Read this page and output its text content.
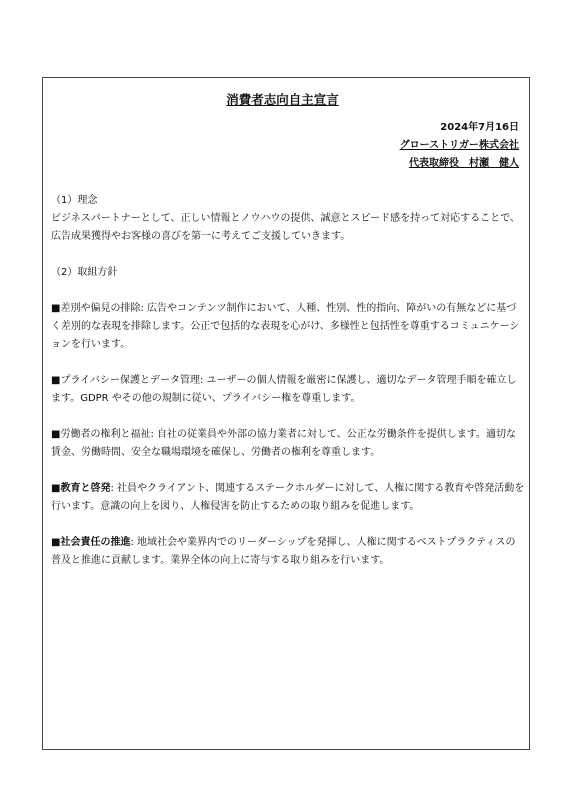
消費者志向自主宣言
2024年7月16日
グローストリガー株式会社
代表取締役　村瀬　健人

（1）理念

ビジネスパートナーとして、正しい情報とノウハウの提供、誠意とスピード感を持って対応することで、広告成果獲得やお客様の喜びを第一に考えてご支援していきます。

（2）取組方針

■差別や偏見の排除: 広告やコンテンツ制作において、人種、性別、性的指向、障がいの有無などに基づく差別的な表現を排除します。公正で包括的な表現を心がけ、多様性と包括性を尊重するコミュニケーションを行います。

■プライバシー保護とデータ管理: ユーザーの個人情報を厳密に保護し、適切なデータ管理手順を確立します。GDPR やその他の規制に従い、プライバシー権を尊重します。

■労働者の権利と福祉: 自社の従業員や外部の協力業者に対して、公正な労働条件を提供します。適切な賃金、労働時間、安全な職場環境を確保し、労働者の権利を尊重します。

■教育と啓発: 社員やクライアント、関連するステークホルダーに対して、人権に関する教育や啓発活動を行います。意識の向上を図り、人権侵害を防止するための取り組みを促進します。

■社会責任の推進: 地域社会や業界内でのリーダーシップを発揮し、人権に関するベストプラクティスの普及と推進に貢献します。業界全体の向上に寄与する取り組みを行います。
